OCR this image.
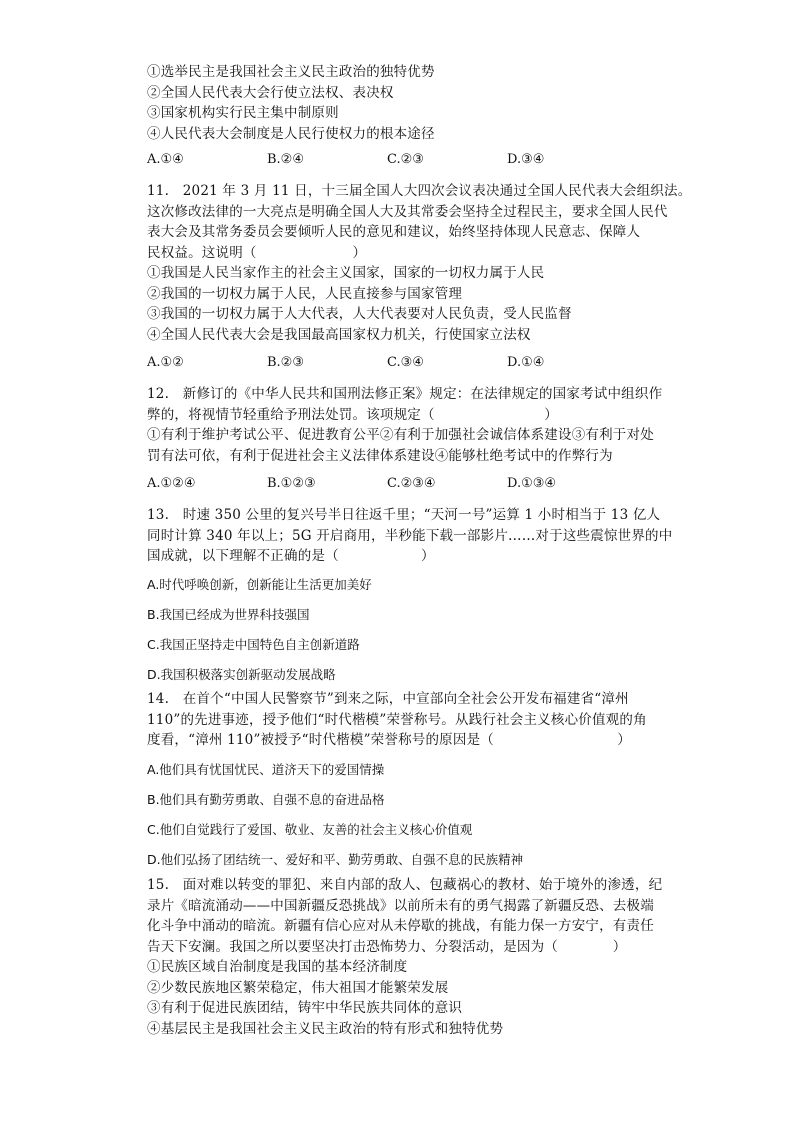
①选举民主是我国社会主义民主政治的独特优势
②全国人民代表大会行使立法权、表决权
③国家机构实行民主集中制原则
④人民代表大会制度是人民行使权力的根本途径
A.①④	B.②④	C.②③	D.③④
11.　2021 年 3 月 11 日，十三届全国人大四次会议表决通过全国人民代表大会组织法。
这次修改法律的一大亮点是明确全国人大及其常委会坚持全过程民主，要求全国人民代
表大会及其常务委员会要倾听人民的意见和建议，始终坚持体现人民意志、保障人
民权益。这说明（　　　　　　　）
①我国是人民当家作主的社会主义国家，国家的一切权力属于人民
②我国的一切权力属于人民，人民直接参与国家管理
③我国的一切权力属于人大代表，人大代表要对人民负责，受人民监督
④全国人民代表大会是我国最高国家权力机关，行使国家立法权
A.①②	B.②③	C.③④	D.①④
12.　新修订的《中华人民共和国刑法修正案》规定：在法律规定的国家考试中组织作
弊的，将视情节轻重给予刑法处罚。该项规定（　　　　　　　　）
①有利于维护考试公平、促进教育公平②有利于加强社会诚信体系建设③有利于对处
罚有法可依，有利于促进社会主义法律体系建设④能够杜绝考试中的作弊行为
A.①②④	B.①②③	C.②③④	D.①③④
13.　时速 350 公里的复兴号半日往返千里；“天河一号”运算 1 小时相当于 13 亿人
同时计算 340 年以上；5G 开启商用，半秒能下载一部影片……对于这些震惊世界的中
国成就，以下理解不正确的是（　　　　　　）
A.时代呼唤创新，创新能让生活更加美好
B.我国已经成为世界科技强国
C.我国正坚持走中国特色自主创新道路
D.我国积极落实创新驱动发展战略
14.　在首个“中国人民警察节”到来之际，中宣部向全社会公开发布福建省“漳州
110”的先进事迹，授予他们“时代楷模”荣誉称号。从践行社会主义核心价值观的角
度看，“漳州 110”被授予“时代楷模”荣誉称号的原因是（　　　　　　　　　）
A.他们具有忧国忧民、道济天下的爱国情操
B.他们具有勤劳勇敢、自强不息的奋进品格
C.他们自觉践行了爱国、敬业、友善的社会主义核心价值观
D.他们弘扬了团结统一、爱好和平、勤劳勇敢、自强不息的民族精神
15.　面对难以转变的罪犯、来自内部的敌人、包藏祸心的教材、始于境外的渗透，纪
录片《暗流涌动——中国新疆反恐挑战》以前所未有的勇气揭露了新疆反恐、去极端
化斗争中涌动的暗流。新疆有信心应对从未停歇的挑战，有能力保一方安宁，有责任
告天下安澜。我国之所以要坚决打击恐怖势力、分裂活动，是因为（　　　　）
①民族区域自治制度是我国的基本经济制度
②少数民族地区繁荣稳定，伟大祖国才能繁荣发展
③有利于促进民族团结，铸牢中华民族共同体的意识
④基层民主是我国社会主义民主政治的特有形式和独特优势
